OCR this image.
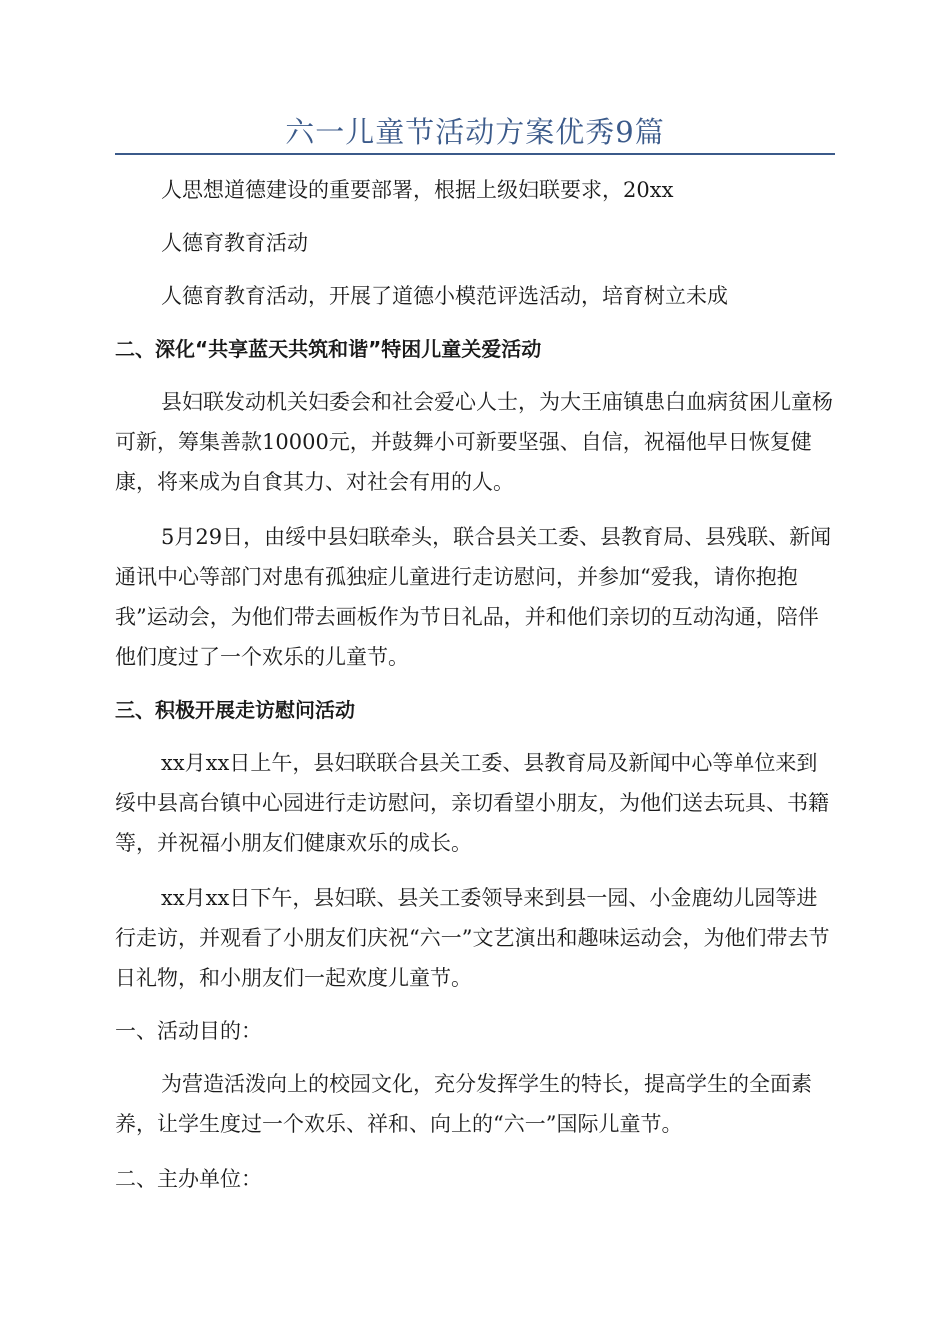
六一儿童节活动方案优秀9篇

人思想道德建设的重要部署，根据上级妇联要求，20xx

人德育教育活动

人德育教育活动，开展了道德小模范评选活动，培育树立未成

二、深化“共享蓝天共筑和谐”特困儿童关爱活动

县妇联发动机关妇委会和社会爱心人士，为大王庙镇患白血病贫困儿童杨可新，筹集善款10000元，并鼓舞小可新要坚强、自信，祝福他早日恢复健康，将来成为自食其力、对社会有用的人。

5月29日，由绥中县妇联牵头，联合县关工委、县教育局、县残联、新闻通讯中心等部门对患有孤独症儿童进行走访慰问，并参加“爱我，请你抱抱我”运动会，为他们带去画板作为节日礼品，并和他们亲切的互动沟通，陪伴他们度过了一个欢乐的儿童节。

三、积极开展走访慰问活动

xx月xx日上午，县妇联联合县关工委、县教育局及新闻中心等单位来到绥中县高台镇中心园进行走访慰问，亲切看望小朋友，为他们送去玩具、书籍等，并祝福小朋友们健康欢乐的成长。

xx月xx日下午，县妇联、县关工委领导来到县一园、小金鹿幼儿园等进行走访，并观看了小朋友们庆祝“六一”文艺演出和趣味运动会，为他们带去节日礼物，和小朋友们一起欢度儿童节。

一、活动目的：

为营造活泼向上的校园文化，充分发挥学生的特长，提高学生的全面素养，让学生度过一个欢乐、祥和、向上的“六一”国际儿童节。

二、主办单位：
